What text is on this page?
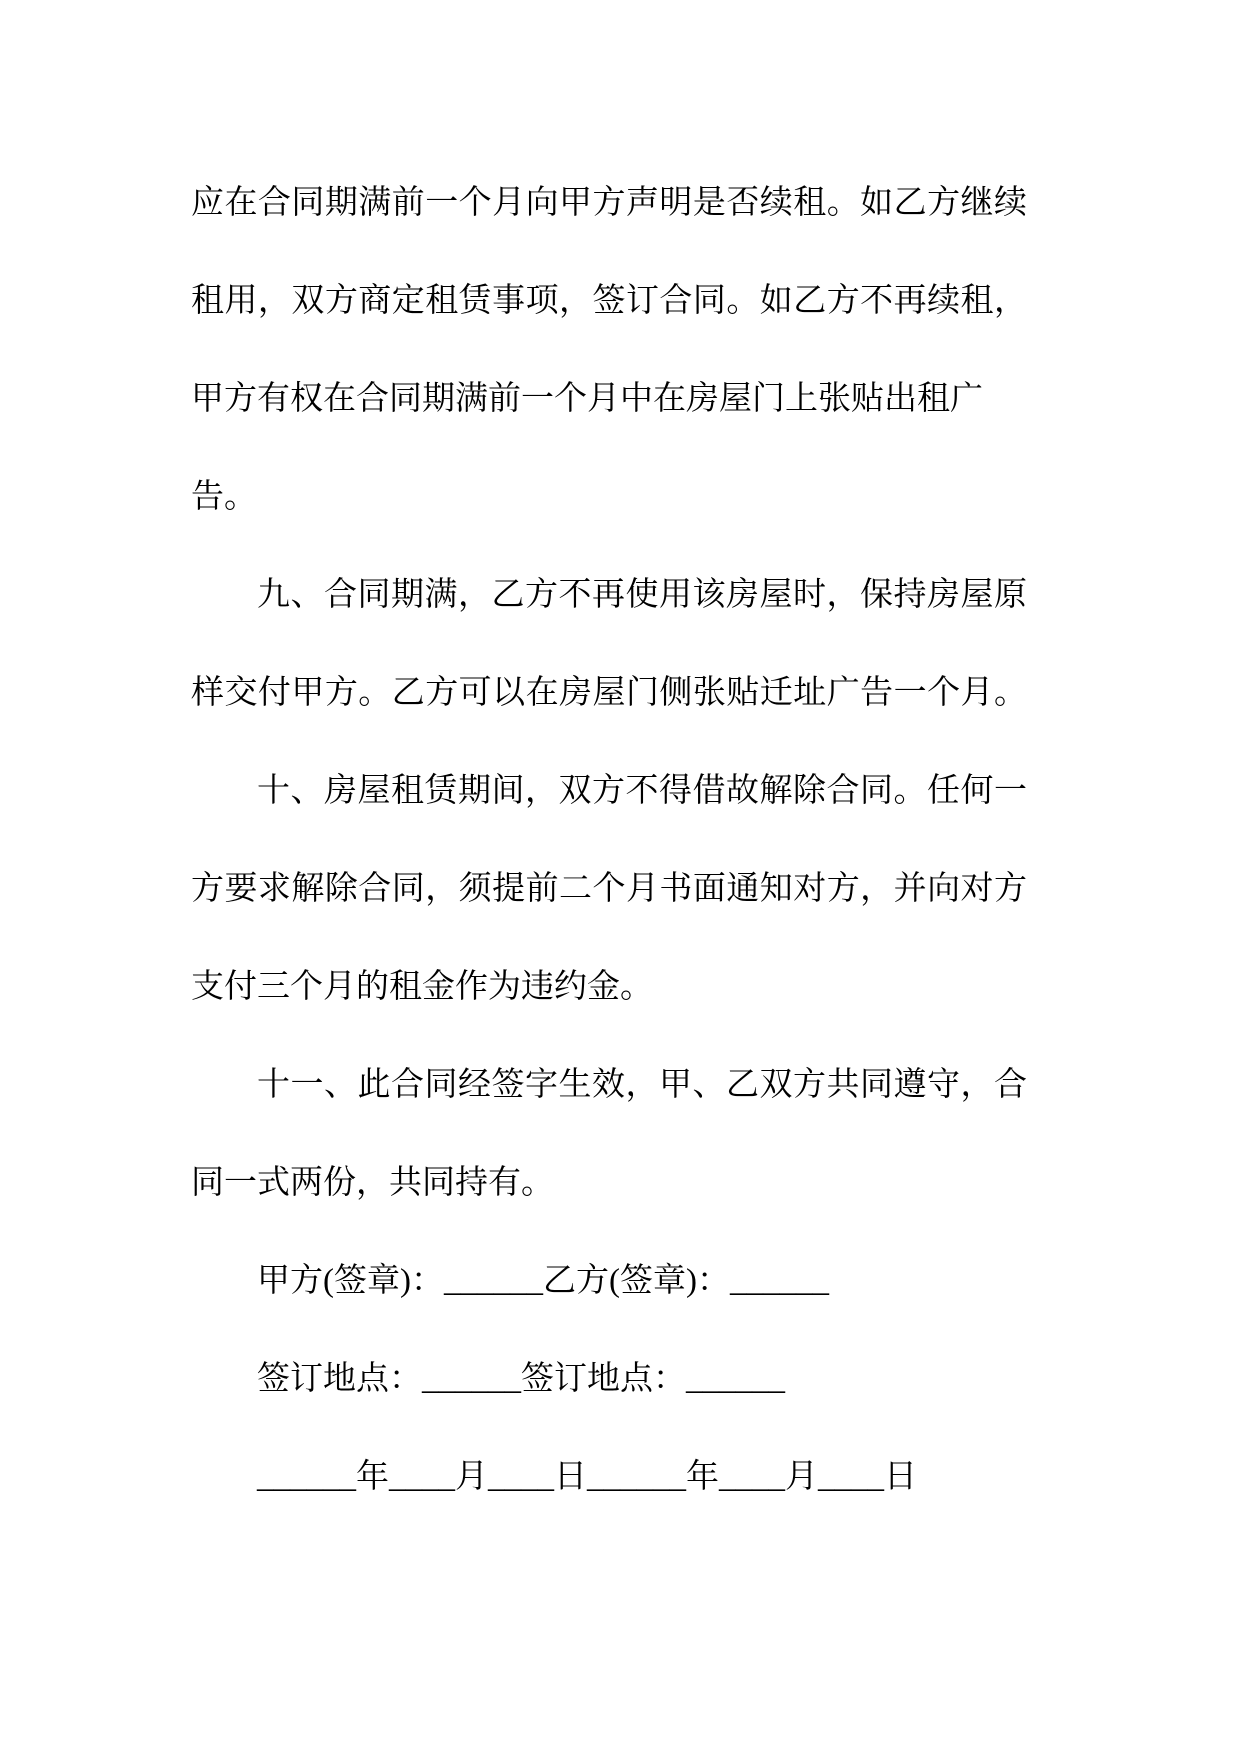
应在合同期满前一个月向甲方声明是否续租。如乙方继续
租用，双方商定租赁事项，签订合同。如乙方不再续租，
甲方有权在合同期满前一个月中在房屋门上张贴出租广
告。
九、合同期满，乙方不再使用该房屋时，保持房屋原
样交付甲方。乙方可以在房屋门侧张贴迁址广告一个月。
十、房屋租赁期间，双方不得借故解除合同。任何一
方要求解除合同，须提前二个月书面通知对方，并向对方
支付三个月的租金作为违约金。
十一、此合同经签字生效，甲、乙双方共同遵守，合
同一式两份，共同持有。
甲方(签章)：______乙方(签章)：______
签订地点：______签订地点：______
______年____月____日______年____月____日
